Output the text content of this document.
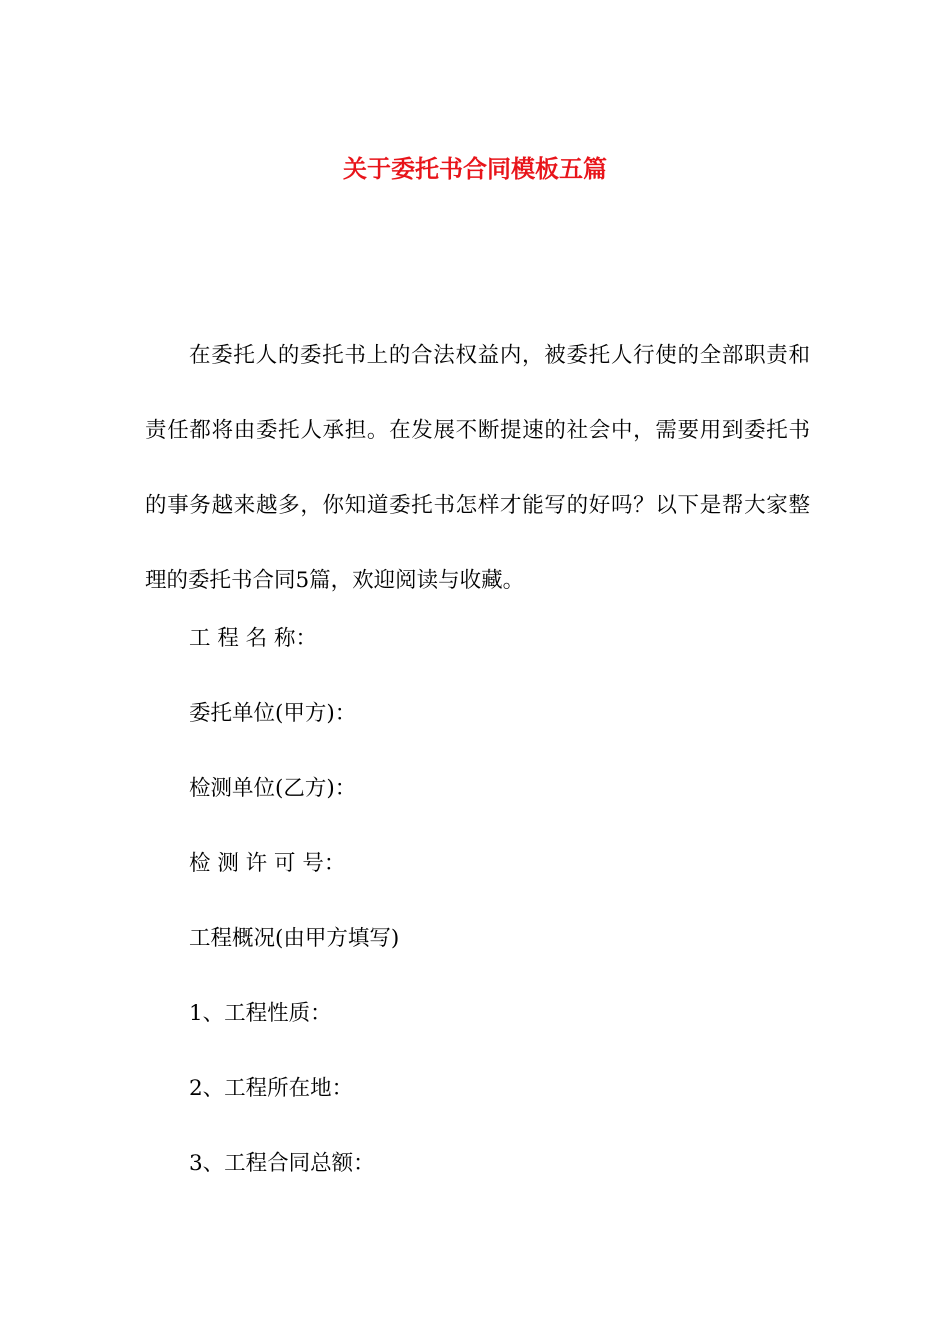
关于委托书合同模板五篇

在委托人的委托书上的合法权益内，被委托人行使的全部职责和责任都将由委托人承担。在发展不断提速的社会中，需要用到委托书的事务越来越多，你知道委托书怎样才能写的好吗？以下是帮大家整理的委托书合同5篇，欢迎阅读与收藏。

工 程 名 称：

委托单位(甲方)：

检测单位(乙方)：

检 测 许 可 号：

工程概况(由甲方填写)

1、工程性质：

2、工程所在地：

3、工程合同总额：
